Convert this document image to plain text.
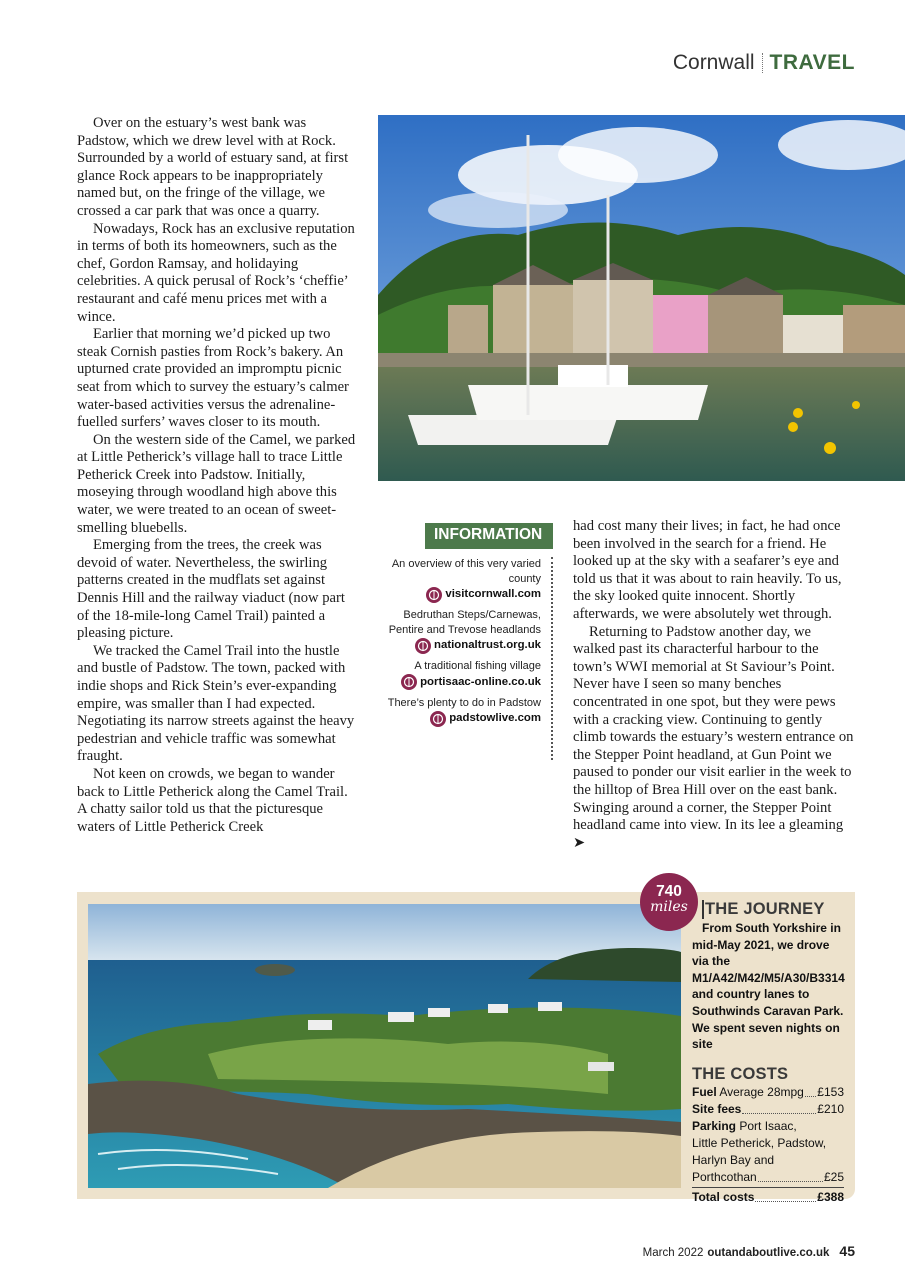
Cornwall TRAVEL

Over on the estuary’s west bank was Padstow, which we drew level with at Rock. Surrounded by a world of estuary sand, at first glance Rock appears to be inappropriately named but, on the fringe of the village, we crossed a car park that was once a quarry.

Nowadays, Rock has an exclusive reputation in terms of both its homeowners, such as the chef, Gordon Ramsay, and holidaying celebrities. A quick perusal of Rock’s ‘cheffie’ restaurant and café menu prices met with a wince.

Earlier that morning we’d picked up two steak Cornish pasties from Rock’s bakery. An upturned crate provided an impromptu picnic seat from which to survey the estuary’s calmer water-based activities versus the adrenaline-fuelled surfers’ waves closer to its mouth.

On the western side of the Camel, we parked at Little Petherick’s village hall to trace Little Petherick Creek into Padstow. Initially, moseying through woodland high above this water, we were treated to an ocean of sweet-smelling bluebells.

Emerging from the trees, the creek was devoid of water. Nevertheless, the swirling patterns created in the mudflats set against Dennis Hill and the railway viaduct (now part of the 18-mile-long Camel Trail) painted a pleasing picture.

We tracked the Camel Trail into the hustle and bustle of Padstow. The town, packed with indie shops and Rick Stein’s ever-expanding empire, was smaller than I had expected. Negotiating its narrow streets against the heavy pedestrian and vehicle traffic was somewhat fraught.

Not keen on crowds, we began to wander back to Little Petherick along the Camel Trail. A chatty sailor told us that the picturesque waters of Little Petherick Creek

INFORMATION
An overview of this very varied county
visitcornwall.com
Bedruthan Steps/Carnewas, Pentire and Trevose headlands
nationaltrust.org.uk
A traditional fishing village
portisaac-online.co.uk
There’s plenty to do in Padstow
padstowlive.com

had cost many their lives; in fact, he had once been involved in the search for a friend. He looked up at the sky with a seafarer’s eye and told us that it was about to rain heavily. To us, the sky looked quite innocent. Shortly afterwards, we were absolutely wet through.

Returning to Padstow another day, we walked past its characterful harbour to the town’s WWI memorial at St Saviour’s Point. Never have I seen so many benches concentrated in one spot, but they were pews with a cracking view. Continuing to gently climb towards the estuary’s western entrance on the Stepper Point headland, at Gun Point we paused to ponder our visit earlier in the week to the hilltop of Brea Hill over on the east bank. Swinging around a corner, the Stepper Point headland came into view. In its lee a gleaming ➤

740
miles	THE JOURNEY
From South Yorkshire in mid-May 2021, we drove via the M1/A42/M42/M5/A30/B3314 and country lanes to Southwinds Caravan Park. We spent seven nights on site
THE COSTS
Fuel Average 28mpg £153
Site fees	£210
Parking Port Isaac,
Little Petherick, Padstow,
Harlyn Bay and
Porthcothan	£25
Total costs	£388
March 2022 outandaboutlive.co.uk 45
